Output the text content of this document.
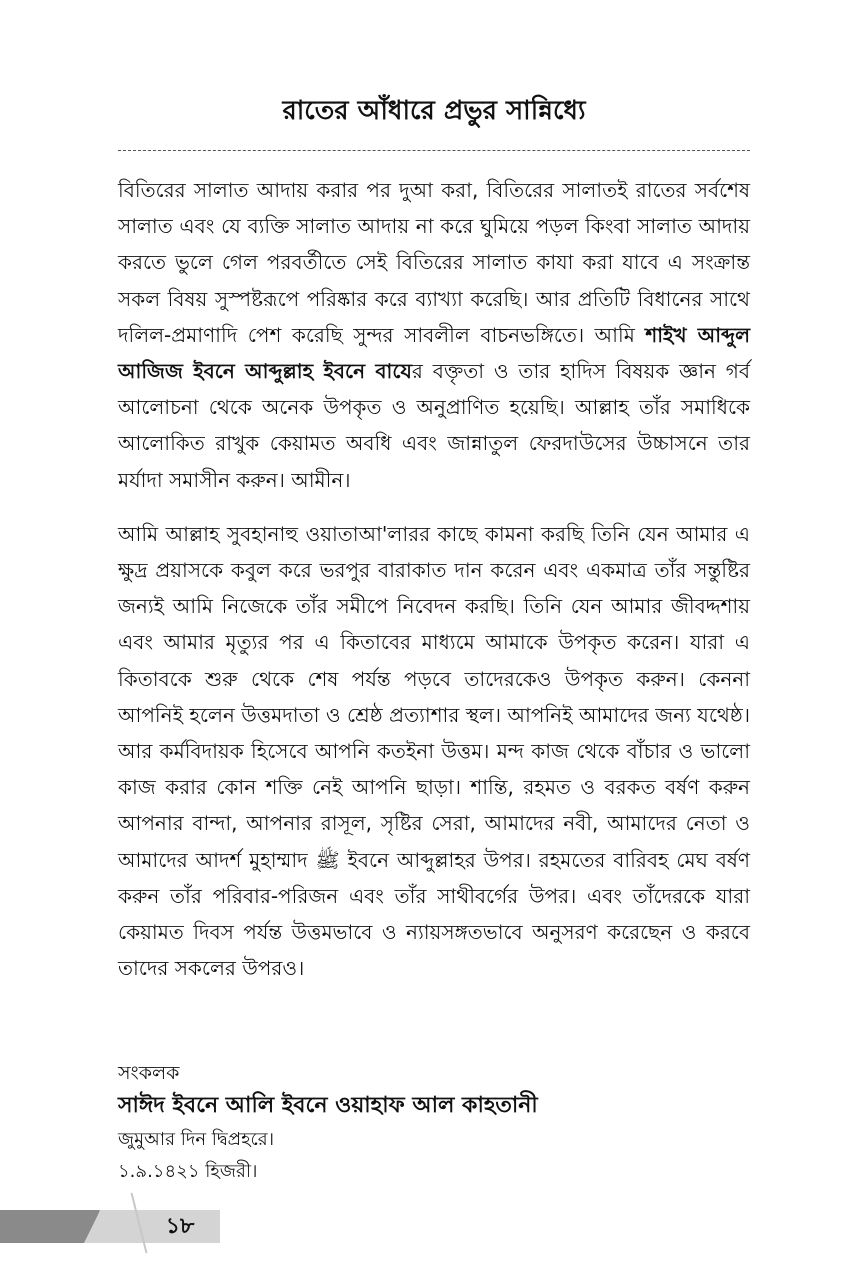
রাতের আঁধারে প্রভুর সান্নিধ্যে

বিতিরের সালাত আদায় করার পর দুআ করা, বিতিরের সালাতই রাতের সর্বশেষ সালাত এবং যে ব্যক্তি সালাত আদায় না করে ঘুমিয়ে পড়ল কিংবা সালাত আদায় করতে ভুলে গেল পরবর্তীতে সেই বিতিরের সালাত কাযা করা যাবে এ সংক্রান্ত সকল বিষয় সুস্পষ্টরূপে পরিষ্কার করে ব্যাখ্যা করেছি। আর প্রতিটি বিধানের সাথে দলিল-প্রমাণাদি পেশ করেছি সুন্দর সাবলীল বাচনভঙ্গিতে। আমি শাইখ আব্দুল আজিজ ইবনে আব্দুল্লাহ ইবনে বাযের বক্তৃতা ও তার হাদিস বিষয়ক জ্ঞান গর্ব আলোচনা থেকে অনেক উপকৃত ও অনুপ্রাণিত হয়েছি। আল্লাহ তাঁর সমাধিকে আলোকিত রাখুক কেয়ামত অবধি এবং জান্নাতুল ফেরদাউসের উচ্চাসনে তার মর্যাদা সমাসীন করুন। আমীন।

আমি আল্লাহ সুবহানাহু ওয়াতাআ'লারর কাছে কামনা করছি তিনি যেন আমার এ ক্ষুদ্র প্রয়াসকে কবুল করে ভরপুর বারাকাত দান করেন এবং একমাত্র তাঁর সন্তুষ্টির জন্যই আমি নিজেকে তাঁর সমীপে নিবেদন করছি। তিনি যেন আমার জীবদ্দশায় এবং আমার মৃত্যুর পর এ কিতাবের মাধ্যমে আমাকে উপকৃত করেন। যারা এ কিতাবকে শুরু থেকে শেষ পর্যন্ত পড়বে তাদেরকেও উপকৃত করুন। কেননা আপনিই হলেন উত্তমদাতা ও শ্রেষ্ঠ প্রত্যাশার স্থল। আপনিই আমাদের জন্য যথেষ্ঠ। আর কর্মবিদায়ক হিসেবে আপনি কতইনা উত্তম। মন্দ কাজ থেকে বাঁচার ও ভালো কাজ করার কোন শক্তি নেই আপনি ছাড়া। শান্তি, রহমত ও বরকত বর্ষণ করুন আপনার বান্দা, আপনার রাসূল, সৃষ্টির সেরা, আমাদের নবী, আমাদের নেতা ও আমাদের আদর্শ মুহাম্মাদ ﷺ ইবনে আব্দুল্লাহর উপর। রহমতের বারিবহ মেঘ বর্ষণ করুন তাঁর পরিবার-পরিজন এবং তাঁর সাথীবর্গের উপর। এবং তাঁদেরকে যারা কেয়ামত দিবস পর্যন্ত উত্তমভাবে ও ন্যায়সঙ্গতভাবে অনুসরণ করেছেন ও করবে তাদের সকলের উপরও।

সংকলক
সাঈদ ইবনে আলি ইবনে ওয়াহাফ আল কাহতানী
জুমুআর দিন দ্বিপ্রহরে।
১.৯.১৪২১ হিজরী।
১৮
